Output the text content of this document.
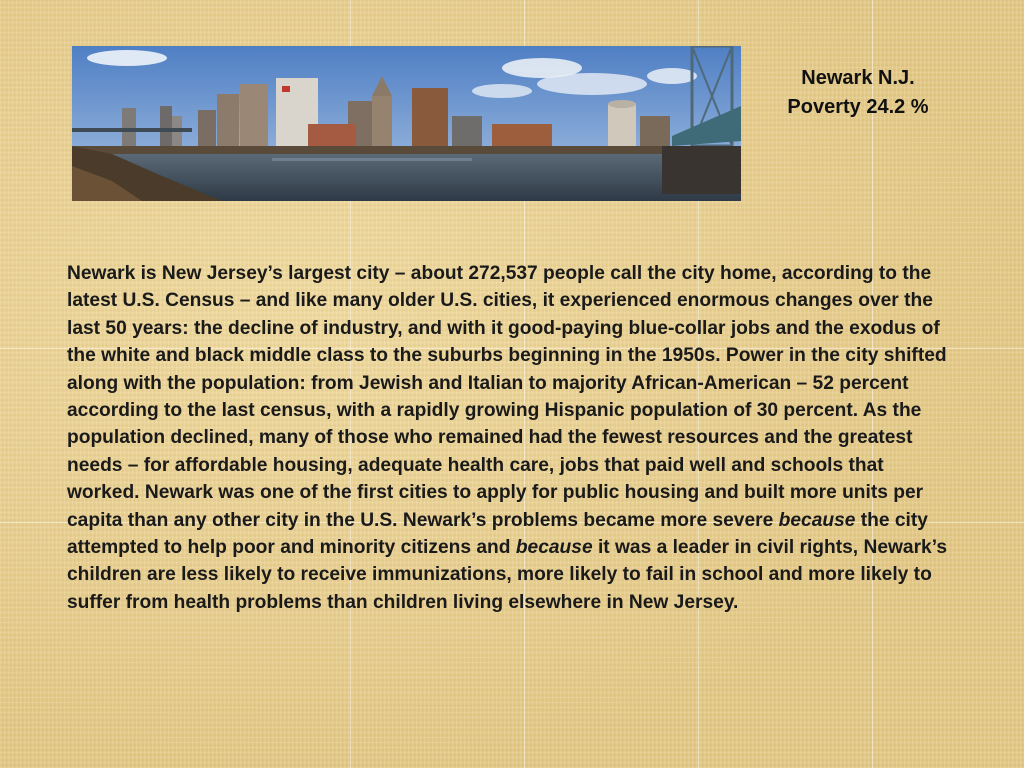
Newark N.J.
Poverty 24.2 %
Newark is New Jersey’s largest city – about 272,537 people call the city home, according to the latest U.S. Census – and like many older U.S. cities, it experienced enormous changes over the last 50 years: the decline of industry, and with it good-paying blue-collar jobs and the exodus of the white and black middle class to the suburbs beginning in the 1950s. Power in the city shifted along with the population: from Jewish and Italian to majority African-American – 52 percent according to the last census, with a rapidly growing Hispanic population of 30 percent. As the population declined, many of those who remained had the fewest resources and the greatest needs – for affordable housing, adequate health care, jobs that paid well and schools that worked. Newark was one of the first cities to apply for public housing and built more units per capita than any other city in the U.S. Newark’s problems became more severe because the city attempted to help poor and minority citizens and because it was a leader in civil rights, Newark’s children are less likely to receive immunizations, more likely to fail in school and more likely to suffer from health problems than children living elsewhere in New Jersey.
